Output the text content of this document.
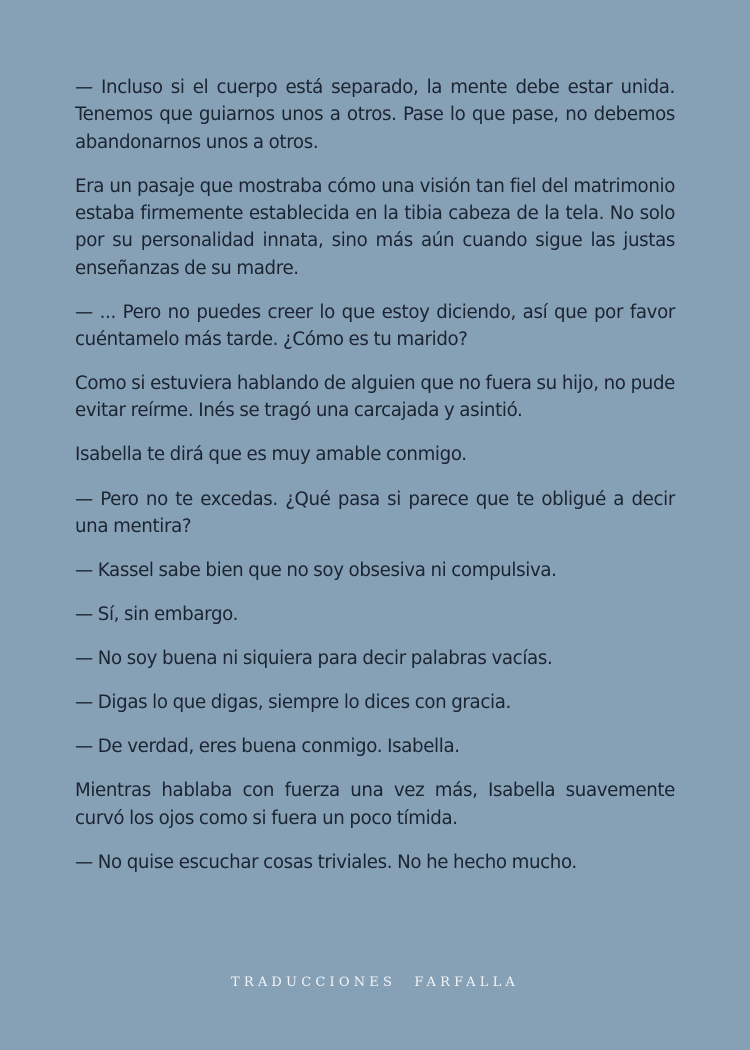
— Incluso si el cuerpo está separado, la mente debe estar unida. Tenemos que guiarnos unos a otros. Pase lo que pase, no debemos abandonarnos unos a otros.

Era un pasaje que mostraba cómo una visión tan fiel del matrimonio estaba firmemente establecida en la tibia cabeza de la tela. No solo por su personalidad innata, sino más aún cuando sigue las justas enseñanzas de su madre.

— ... Pero no puedes creer lo que estoy diciendo, así que por favor cuéntamelo más tarde. ¿Cómo es tu marido?

Como si estuviera hablando de alguien que no fuera su hijo, no pude evitar reírme. Inés se tragó una carcajada y asintió.

Isabella te dirá que es muy amable conmigo.

— Pero no te excedas. ¿Qué pasa si parece que te obligué a decir una mentira?

— Kassel sabe bien que no soy obsesiva ni compulsiva.

— Sí, sin embargo.

— No soy buena ni siquiera para decir palabras vacías.

— Digas lo que digas, siempre lo dices con gracia.

— De verdad, eres buena conmigo. Isabella.

Mientras hablaba con fuerza una vez más, Isabella suavemente curvó los ojos como si fuera un poco tímida.

— No quise escuchar cosas triviales. No he hecho mucho.

TRADUCCIONES FARFALLA
